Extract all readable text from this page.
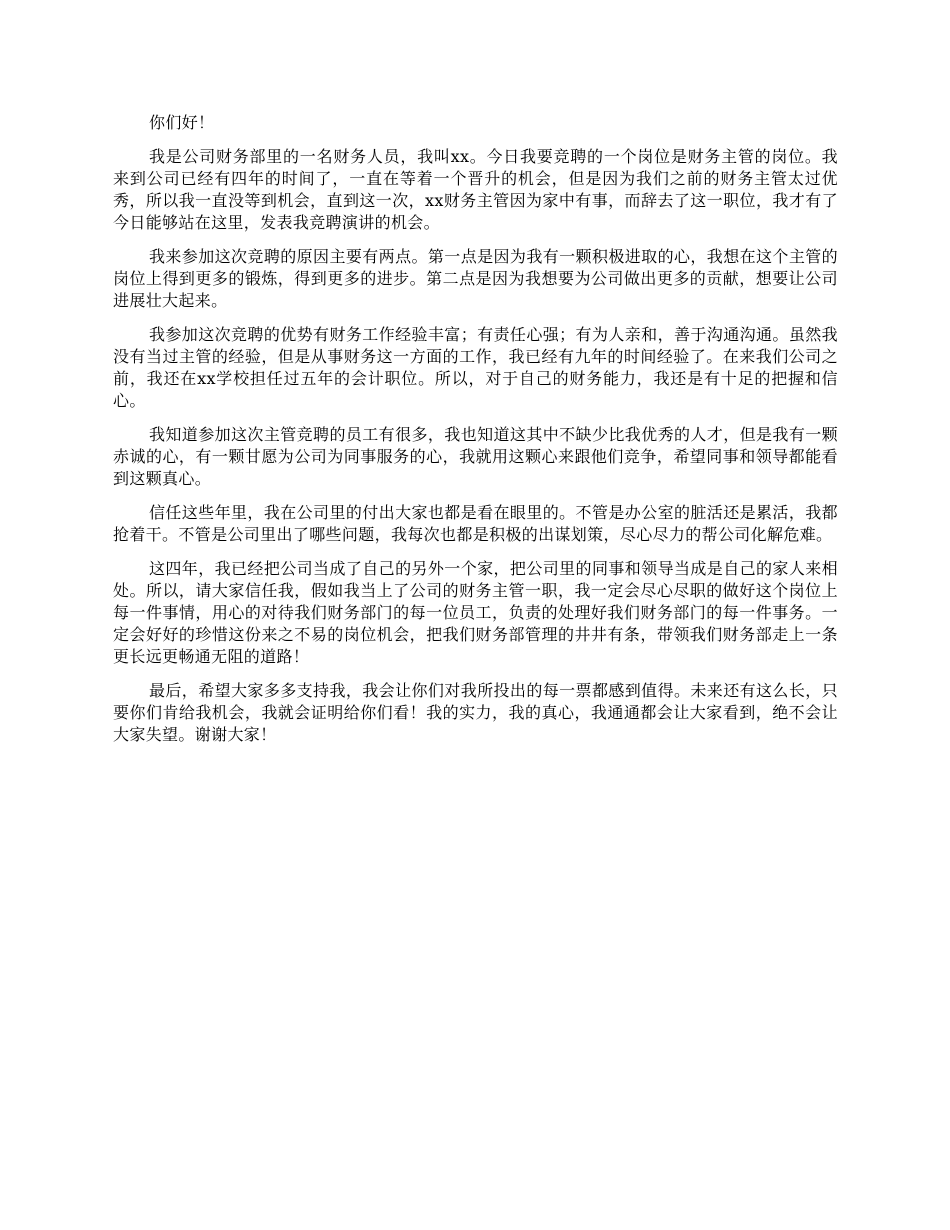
你们好！

我是公司财务部里的一名财务人员，我叫xx。今日我要竞聘的一个岗位是财务主管的岗位。我来到公司已经有四年的时间了，一直在等着一个晋升的机会，但是因为我们之前的财务主管太过优秀，所以我一直没等到机会，直到这一次，xx财务主管因为家中有事，而辞去了这一职位，我才有了今日能够站在这里，发表我竞聘演讲的机会。

我来参加这次竞聘的原因主要有两点。第一点是因为我有一颗积极进取的心，我想在这个主管的岗位上得到更多的锻炼，得到更多的进步。第二点是因为我想要为公司做出更多的贡献，想要让公司进展壮大起来。

我参加这次竞聘的优势有财务工作经验丰富；有责任心强；有为人亲和，善于沟通沟通。虽然我没有当过主管的经验，但是从事财务这一方面的工作，我已经有九年的时间经验了。在来我们公司之前，我还在xx学校担任过五年的会计职位。所以，对于自己的财务能力，我还是有十足的把握和信心。

我知道参加这次主管竞聘的员工有很多，我也知道这其中不缺少比我优秀的人才，但是我有一颗赤诚的心，有一颗甘愿为公司为同事服务的心，我就用这颗心来跟他们竞争，希望同事和领导都能看到这颗真心。

信任这些年里，我在公司里的付出大家也都是看在眼里的。不管是办公室的脏活还是累活，我都抢着干。不管是公司里出了哪些问题，我每次也都是积极的出谋划策，尽心尽力的帮公司化解危难。

这四年，我已经把公司当成了自己的另外一个家，把公司里的同事和领导当成是自己的家人来相处。所以，请大家信任我，假如我当上了公司的财务主管一职，我一定会尽心尽职的做好这个岗位上每一件事情，用心的对待我们财务部门的每一位员工，负责的处理好我们财务部门的每一件事务。一定会好好的珍惜这份来之不易的岗位机会，把我们财务部管理的井井有条，带领我们财务部走上一条更长远更畅通无阻的道路！

最后，希望大家多多支持我，我会让你们对我所投出的每一票都感到值得。未来还有这么长，只要你们肯给我机会，我就会证明给你们看！我的实力，我的真心，我通通都会让大家看到，绝不会让大家失望。谢谢大家！
